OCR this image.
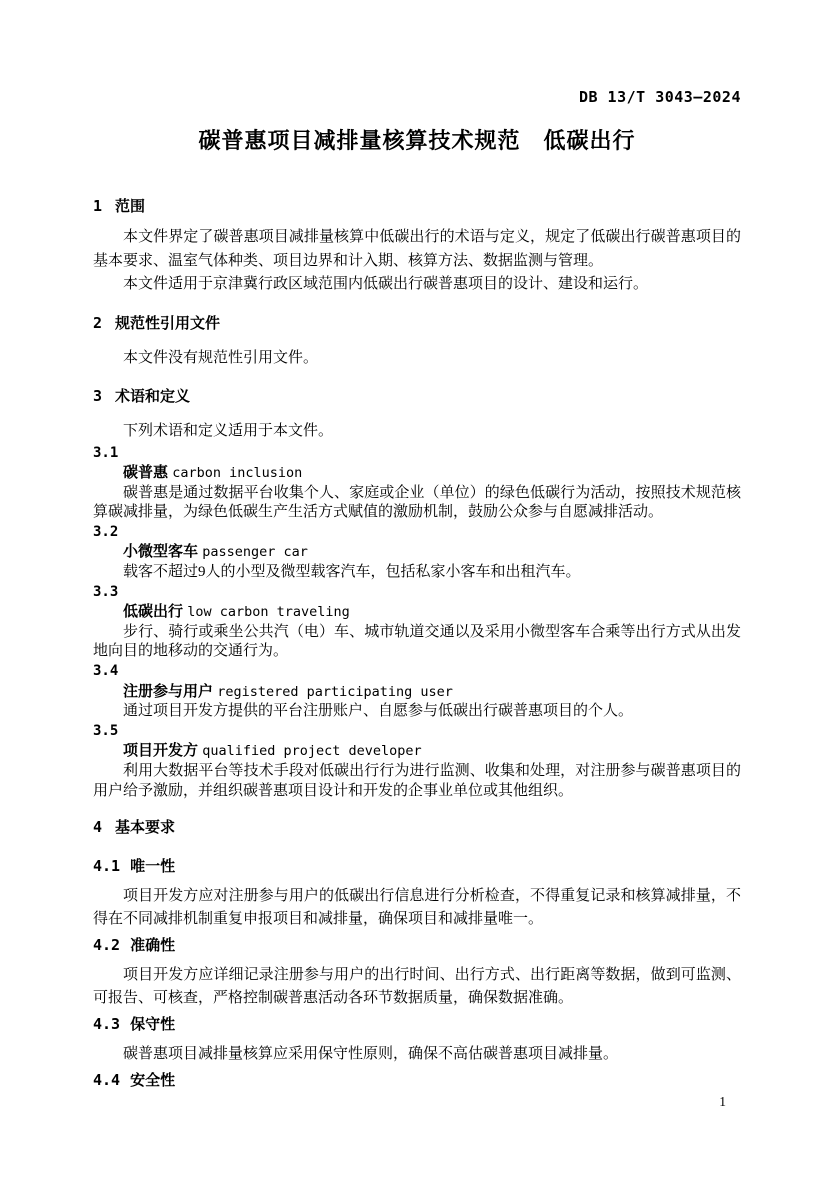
DB 13/T 3043—2024
碳普惠项目减排量核算技术规范　低碳出行
1 范围

本文件界定了碳普惠项目减排量核算中低碳出行的术语与定义，规定了低碳出行碳普惠项目的基本要求、温室气体种类、项目边界和计入期、核算方法、数据监测与管理。

本文件适用于京津冀行政区域范围内低碳出行碳普惠项目的设计、建设和运行。

2 规范性引用文件

本文件没有规范性引用文件。

3 术语和定义

下列术语和定义适用于本文件。

3.1
碳普惠 carbon inclusion

碳普惠是通过数据平台收集个人、家庭或企业（单位）的绿色低碳行为活动，按照技术规范核算碳减排量，为绿色低碳生产生活方式赋值的激励机制，鼓励公众参与自愿减排活动。

3.2
小微型客车 passenger car

载客不超过9人的小型及微型载客汽车，包括私家小客车和出租汽车。

3.3
低碳出行 low carbon traveling

步行、骑行或乘坐公共汽（电）车、城市轨道交通以及采用小微型客车合乘等出行方式从出发地向目的地移动的交通行为。

3.4
注册参与用户 registered participating user

通过项目开发方提供的平台注册账户、自愿参与低碳出行碳普惠项目的个人。

3.5
项目开发方 qualified project developer

利用大数据平台等技术手段对低碳出行行为进行监测、收集和处理，对注册参与碳普惠项目的用户给予激励，并组织碳普惠项目设计和开发的企事业单位或其他组织。

4 基本要求
4.1 唯一性

项目开发方应对注册参与用户的低碳出行信息进行分析检查，不得重复记录和核算减排量，不得在不同减排机制重复申报项目和减排量，确保项目和减排量唯一。

4.2 准确性

项目开发方应详细记录注册参与用户的出行时间、出行方式、出行距离等数据，做到可监测、可报告、可核查，严格控制碳普惠活动各环节数据质量，确保数据准确。

4.3 保守性

碳普惠项目减排量核算应采用保守性原则，确保不高估碳普惠项目减排量。

4.4 安全性
1
